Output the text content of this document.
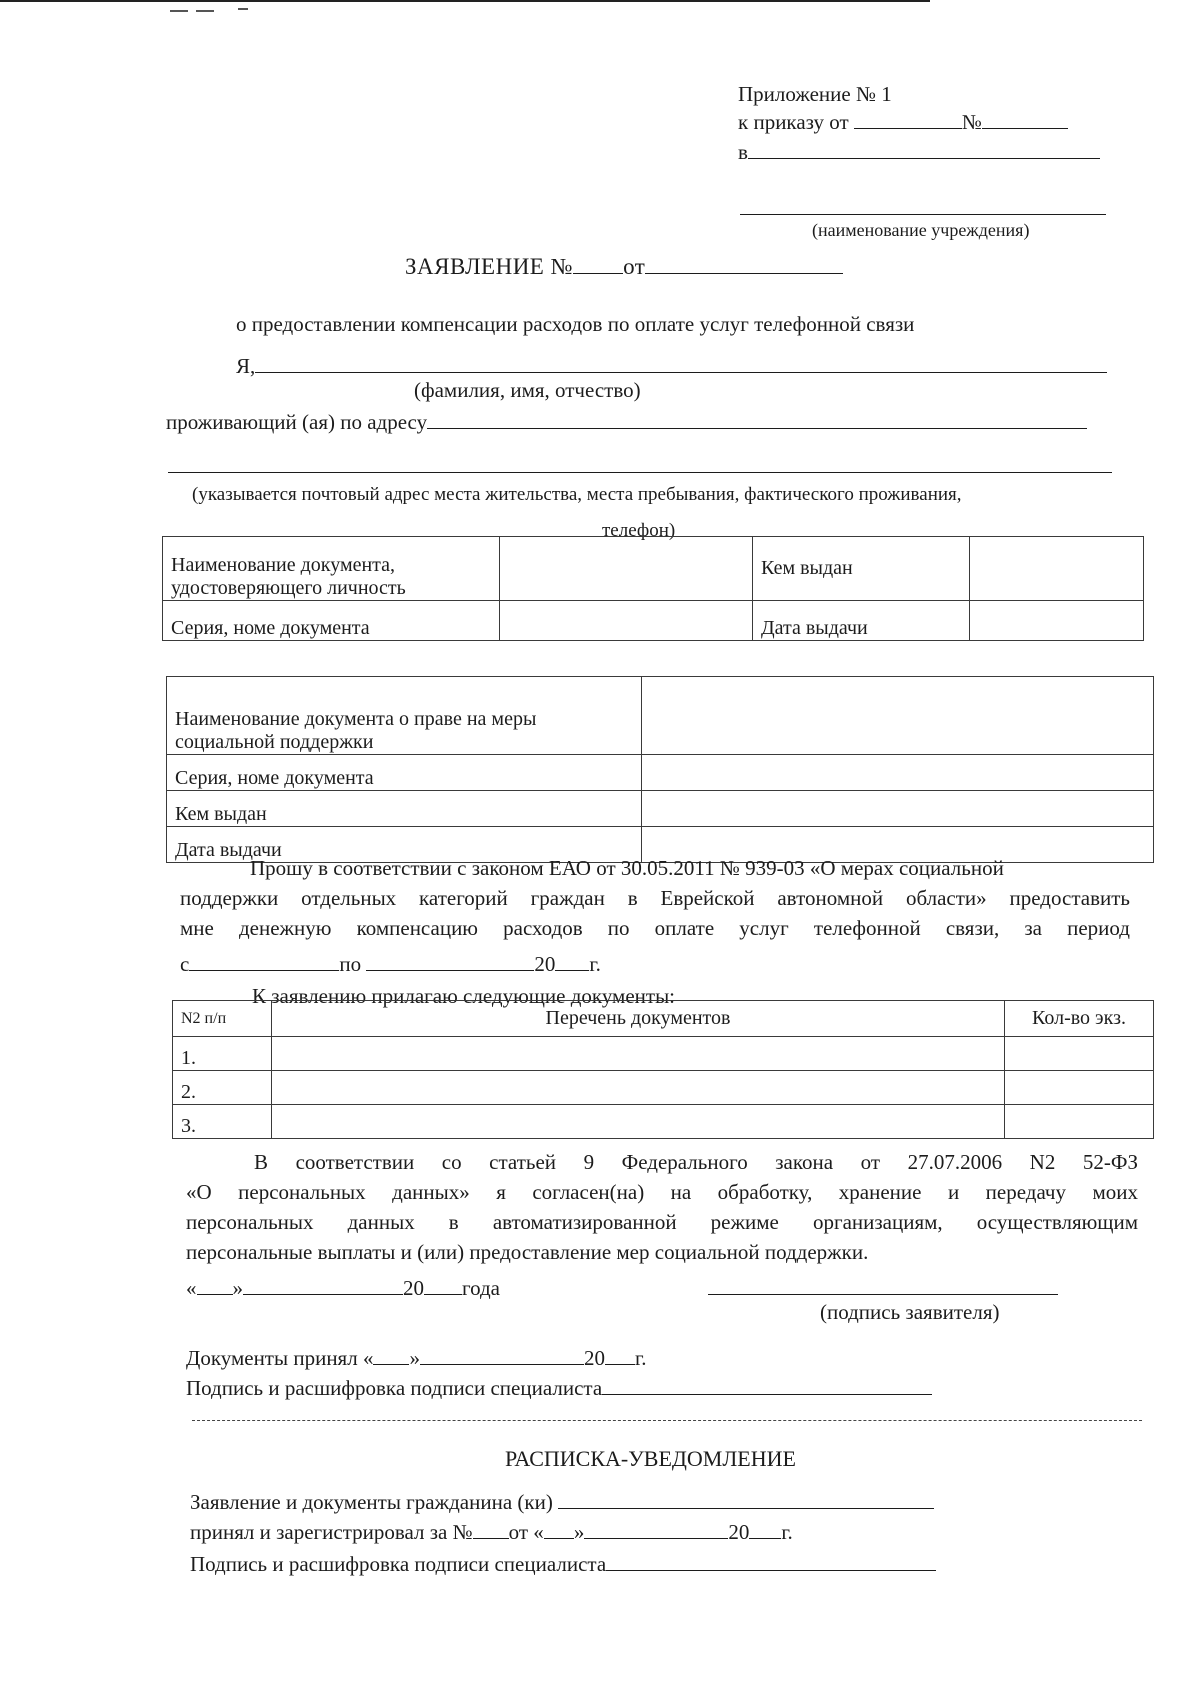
Приложение № 1
к приказу от	№
в
(наименование учреждения)
ЗАЯВЛЕНИЕ № от
о предоставлении компенсации расходов по оплате услуг телефонной связи
Я,
(фамилия, имя, отчество)
проживающий (ая) по адресу
(указывается почтовый адрес места жительства, места пребывания, фактического проживания,
телефон)
Наименование документа, удостоверяющего личность		Кем выдан	
Серия, номе документа		Дата выдачи	
Наименование документа о праве на меры социальной поддержки	
Серия, номе документа	
Кем выдан	
Дата выдачи	
Прошу в соответствии с законом ЕАО от 30.05.2011 № 939-03 «О мерах социальной
поддержки отдельных категорий граждан в Еврейской автономной области» предоставить
мне денежную компенсацию расходов по оплате услуг телефонной связи, за период
с	по	20 г.
К заявлению прилагаю следующие документы:
N2 п/п	Перечень документов	Кол-во экз.
1.		
2.		
3.		
В соответствии со статьей 9 Федерального закона от 27.07.2006 N2 52-ФЗ
«О персональных данных» я согласен(на) на обработку, хранение и передачу моих
персональных данных в автоматизированной режиме организациям, осуществляющим
персональные выплаты и (или) предоставление мер социальной поддержки.
« »	20 года
(подпись заявителя)
Документы принял « »	20 г.
Подпись и расшифровка подписи специалиста
РАСПИСКА-УВЕДОМЛЕНИЕ
Заявление и документы гражданина (ки)
принял и зарегистрировал за № от « »	20 г.
Подпись и расшифровка подписи специалиста
